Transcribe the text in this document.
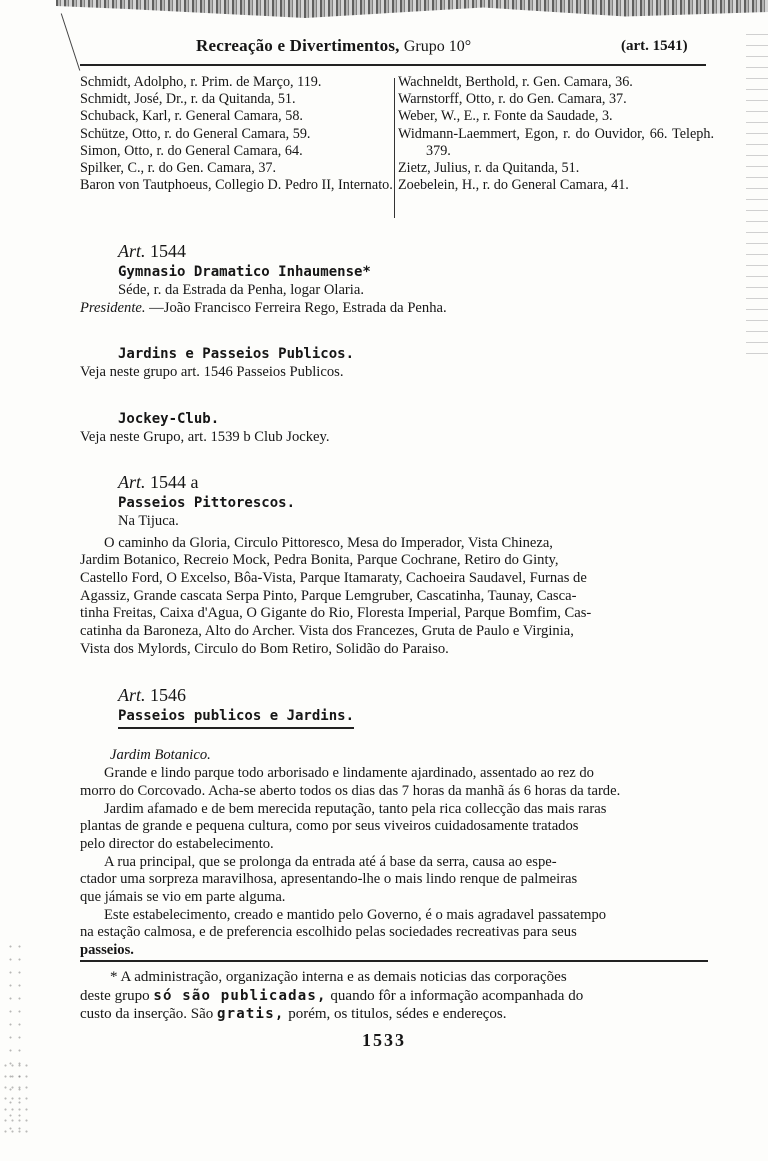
Recreação e Divertimentos, Grupo 10°	(art. 1541)

Schmidt, Adolpho, r. Prim. de Março, 119.

Schmidt, José, Dr., r. da Quitanda, 51.

Schuback, Karl, r. General Camara, 58.

Schütze, Otto, r. do General Camara, 59.

Simon, Otto, r. do General Camara, 64.

Spilker, C., r. do Gen. Camara, 37.

Baron von Tautphoeus, Collegio D. Pedro II, Internato.

Wachneldt, Berthold, r. Gen. Camara, 36.

Warnstorff, Otto, r. do Gen. Camara, 37.

Weber, W., E., r. Fonte da Saudade, 3.

Widmann-Laemmert, Egon, r. do Ouvidor, 66. Teleph. 379.

Zietz, Julius, r. da Quitanda, 51.

Zoebelein, H., r. do General Camara, 41.

Art. 1544

Gymnasio Dramatico Inhaumense*

Séde, r. da Estrada da Penha, logar Olaria.

Presidente. —João Francisco Ferreira Rego, Estrada da Penha.

Jardins e Passeios Publicos.

Veja neste grupo art. 1546 Passeios Publicos.

Jockey-Club.

Veja neste Grupo, art. 1539 b Club Jockey.

Art. 1544 a

Passeios Pittorescos.

Na Tijuca.

O caminho da Gloria, Circulo Pittoresco, Mesa do Imperador, Vista Chineza,

Jardim Botanico, Recreio Mock, Pedra Bonita, Parque Cochrane, Retiro do Ginty,

Castello Ford, O Excelso, Bôa-Vista, Parque Itamaraty, Cachoeira Saudavel, Furnas de

Agassiz, Grande cascata Serpa Pinto, Parque Lemgruber, Cascatinha, Taunay, Casca-

tinha Freitas, Caixa d'Agua, O Gigante do Rio, Floresta Imperial, Parque Bomfim, Cas-

catinha da Baroneza, Alto do Archer. Vista dos Francezes, Gruta de Paulo e Virginia,

Vista dos Mylords, Circulo do Bom Retiro, Solidão do Paraiso.

Art. 1546

Passeios publicos e Jardins.

Jardim Botanico.

Grande e lindo parque todo arborisado e lindamente ajardinado, assentado ao rez do

morro do Corcovado. Acha-se aberto todos os dias das 7 horas da manhã ás 6 horas da tarde.

Jardim afamado e de bem merecida reputação, tanto pela rica collecção das mais raras

plantas de grande e pequena cultura, como por seus viveiros cuidadosamente tratados

pelo director do estabelecimento.

A rua principal, que se prolonga da entrada até á base da serra, causa ao espe-

ctador uma sorpreza maravilhosa, apresentando-lhe o mais lindo renque de palmeiras

que jámais se vio em parte alguma.

Este estabelecimento, creado e mantido pelo Governo, é o mais agradavel passatempo

na estação calmosa, e de preferencia escolhido pelas sociedades recreativas para seus

passeios.

* A administração, organização interna e as demais noticias das corporações

deste grupo só são publicadas, quando fôr a informação acompanhada do

custo da inserção. São gratis, porém, os titulos, sédes e endereços.

1533
